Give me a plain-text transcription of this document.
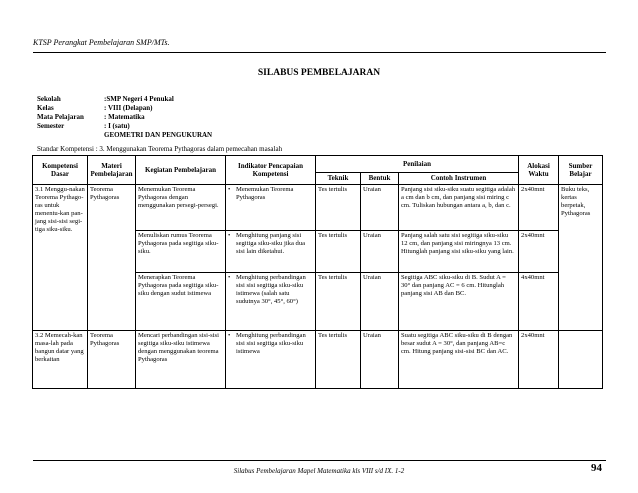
KTSP Perangkat Pembelajaran SMP/MTs.
SILABUS PEMBELAJARAN
Sekolah	:SMP Negeri 4 Penukal
Kelas	: VIII (Delapan)
Mata Pelajaran	: Matematika
Semester	: I (satu)
GEOMETRI DAN PENGUKURAN
Standar Kompetensi : 3. Menggunakan Teorema Pythagoras dalam pemecahan masalah
Kompetensi Dasar	Materi Pembelajaran	Kegiatan Pembelajaran	Indikator Pencapaian Kompetensi	Penilaian			Alokasi Waktu	Sumber Belajar
				Teknik	Bentuk	Contoh Instrumen		
3.1 Menggu-nakan Teorema Pythago-ras untuk menentu-kan pan-jang sisi-sisi segi-tiga siku-siku.	Teorema Pythagoras	Menemukan Teorema Pythagoras dengan menggunakan persegi-persegi.	• Menemukan Teorema Pythagoras	Tes tertulis	Uraian	Panjang sisi siku-siku suatu segitiga adalah a cm dan b cm, dan panjang sisi miring c cm. Tuliskan hubungan antara a, b, dan c.	2x40mnt	Buku teks, kertas berpetak, Pythagoras
		Menuliskan rumus Teorema Pythagoras pada segitiga siku-siku.	• Menghitung panjang sisi segitiga siku-siku jika dua sisi lain diketahui.	Tes tertulis	Uraian	Panjang salah satu sisi segitiga siku-siku 12 cm, dan panjang sisi miringnya 13 cm. Hitunglah panjang sisi siku-siku yang lain.	2x40mnt	
		Menerapkan Teorema Pythagoras pada segitiga siku-siku dengan sudut istimewa	• Menghitung perbandingan sisi sisi segitiga siku-siku istimewa (salah satu sudutnya 30°, 45°, 60°)	Tes tertulis	Uraian	Segitiga ABC siku-siku di B. Sudut A = 30° dan panjang AC = 6 cm. Hitunglah panjang sisi AB dan BC.	4x40mnt	
3.2 Memecah-kan masa-lah pada bangun datar yang berkaitan	Teorema Pythagoras	Mencari perbandingan sisi-sisi segitiga siku-siku istimewa dengan menggunakan teorema Pythagoras	• Menghitung perbandingan sisi sisi segitiga siku-siku istimewa	Tes tertulis	Uraian	Suatu segitiga ABC siku-siku di B dengan besar sudut A = 30°, dan panjang AB=c cm. Hitung panjang sisi-sisi BC dan AC.	2x40mnt	
Silabus Pembelajaran Mapel Matematika kls VIII s/d IX. 1-2	94
